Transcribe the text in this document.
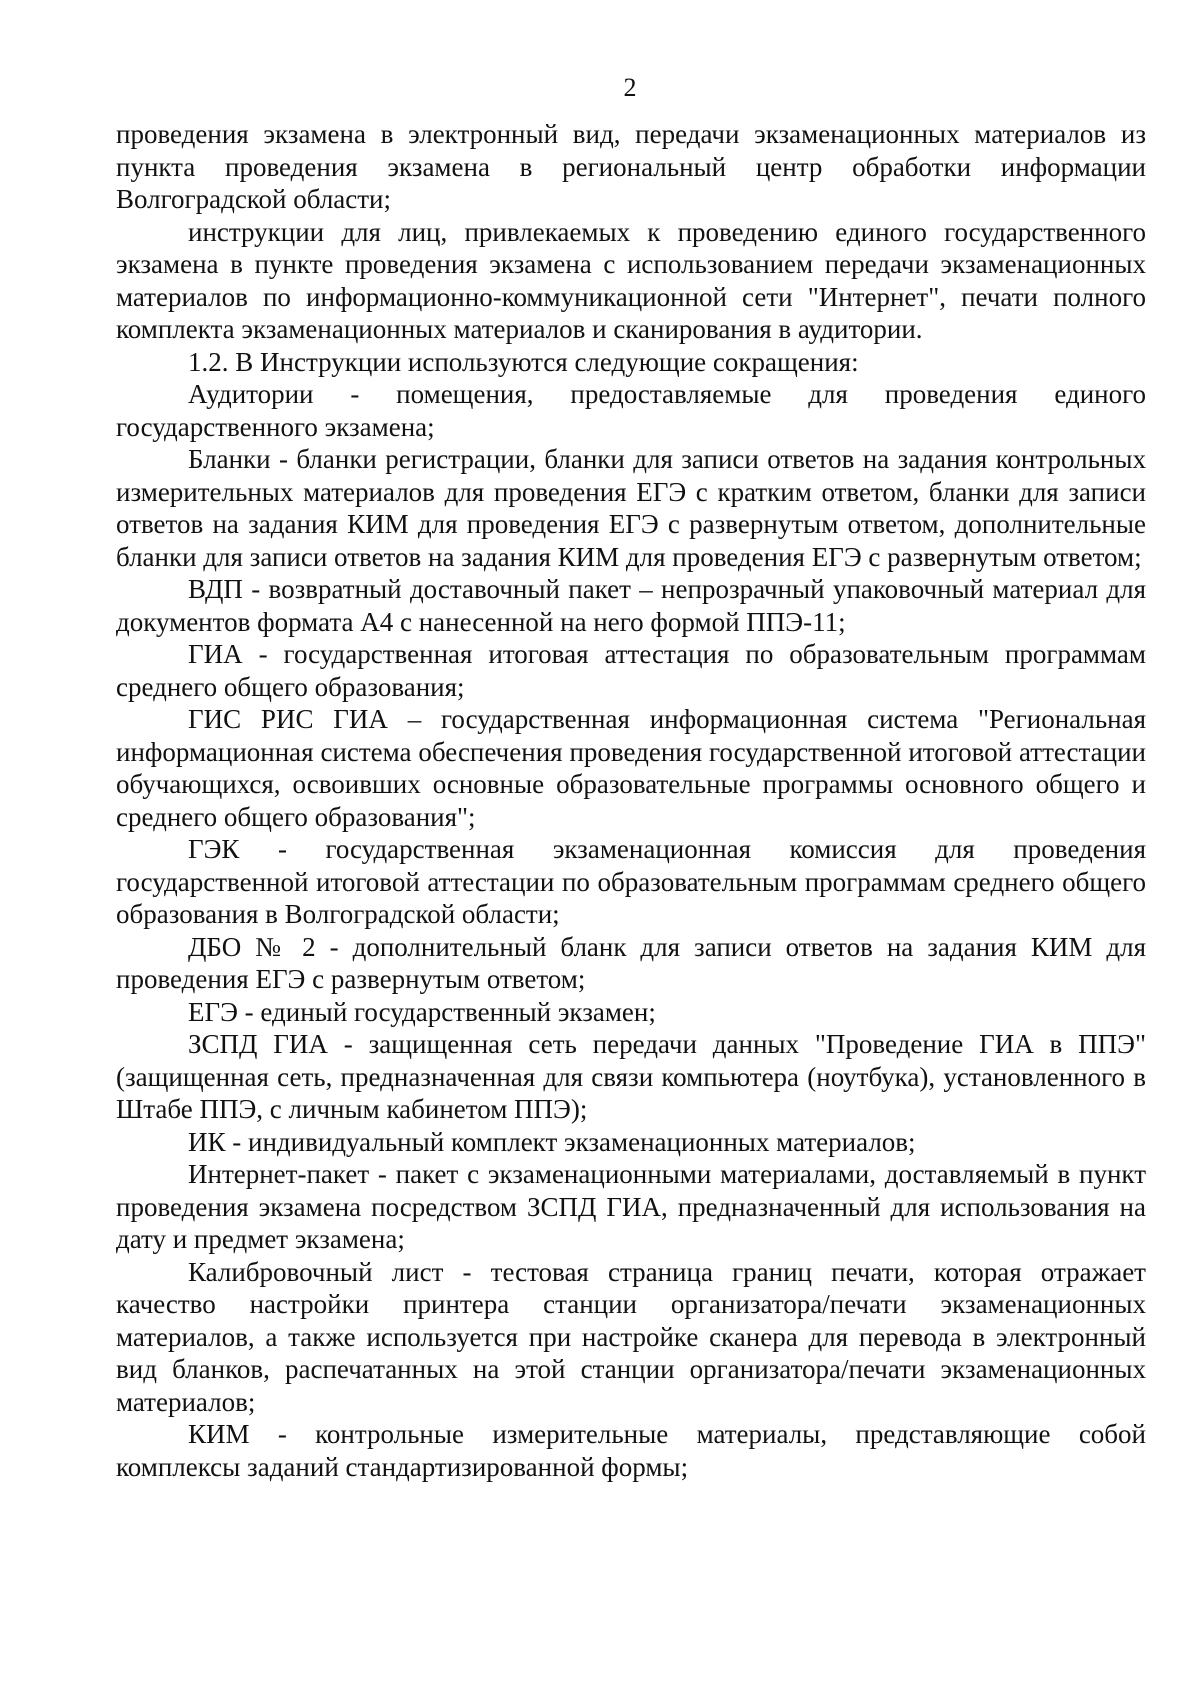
2

проведения экзамена в электронный вид, передачи экзаменационных материалов из пункта проведения экзамена в региональный центр обработки информации Волгоградской области;

инструкции для лиц, привлекаемых к проведению единого государственного экзамена в пункте проведения экзамена с использованием передачи экзаменационных материалов по информационно-коммуникационной сети "Интернет", печати полного комплекта экзаменационных материалов и сканирования в аудитории.

1.2. В Инструкции используются следующие сокращения:

Аудитории - помещения, предоставляемые для проведения единого государственного экзамена;

Бланки - бланки регистрации, бланки для записи ответов на задания контрольных измерительных материалов для проведения ЕГЭ с кратким ответом, бланки для записи ответов на задания КИМ для проведения ЕГЭ с развернутым ответом, дополнительные бланки для записи ответов на задания КИМ для проведения ЕГЭ с развернутым ответом;

ВДП - возвратный доставочный пакет – непрозрачный упаковочный материал для документов формата А4 с нанесенной на него формой ППЭ-11;

ГИА - государственная итоговая аттестация по образовательным программам среднего общего образования;

ГИС РИС ГИА – государственная информационная система "Региональная информационная система обеспечения проведения государственной итоговой аттестации обучающихся, освоивших основные образовательные программы основного общего и среднего общего образования";

ГЭК - государственная экзаменационная комиссия для проведения государственной итоговой аттестации по образовательным программам среднего общего образования в Волгоградской области;

ДБО № 2 - дополнительный бланк для записи ответов на задания КИМ для проведения ЕГЭ с развернутым ответом;

ЕГЭ - единый государственный экзамен;

ЗСПД ГИА - защищенная сеть передачи данных "Проведение ГИА в ППЭ" (защищенная сеть, предназначенная для связи компьютера (ноутбука), установленного в Штабе ППЭ, с личным кабинетом ППЭ);

ИК - индивидуальный комплект экзаменационных материалов;

Интернет-пакет - пакет с экзаменационными материалами, доставляемый в пункт проведения экзамена посредством ЗСПД ГИА, предназначенный для использования на дату и предмет экзамена;

Калибровочный лист - тестовая страница границ печати, которая отражает качество настройки принтера станции организатора/печати экзаменационных материалов, а также используется при настройке сканера для перевода в электронный вид бланков, распечатанных на этой станции организатора/печати экзаменационных материалов;

КИМ - контрольные измерительные материалы, представляющие собой комплексы заданий стандартизированной формы;
